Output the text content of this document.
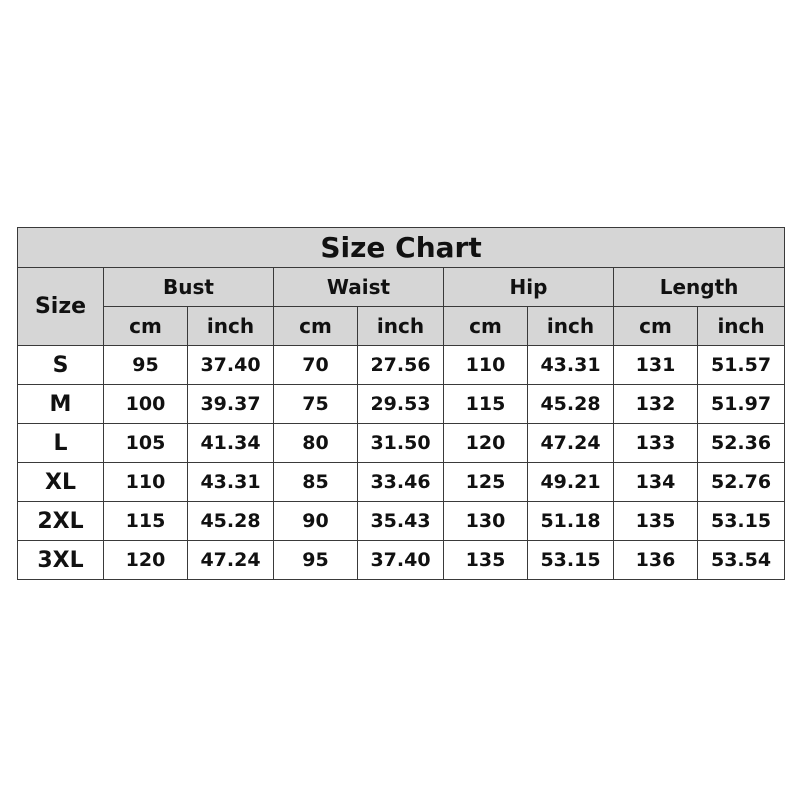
Size Chart								
Size	Bust		Waist		Hip		Length	
	cm	inch	cm	inch	cm	inch	cm	inch
S	95	37.40	70	27.56	110	43.31	131	51.57
M	100	39.37	75	29.53	115	45.28	132	51.97
L	105	41.34	80	31.50	120	47.24	133	52.36
XL	110	43.31	85	33.46	125	49.21	134	52.76
2XL	115	45.28	90	35.43	130	51.18	135	53.15
3XL	120	47.24	95	37.40	135	53.15	136	53.54
